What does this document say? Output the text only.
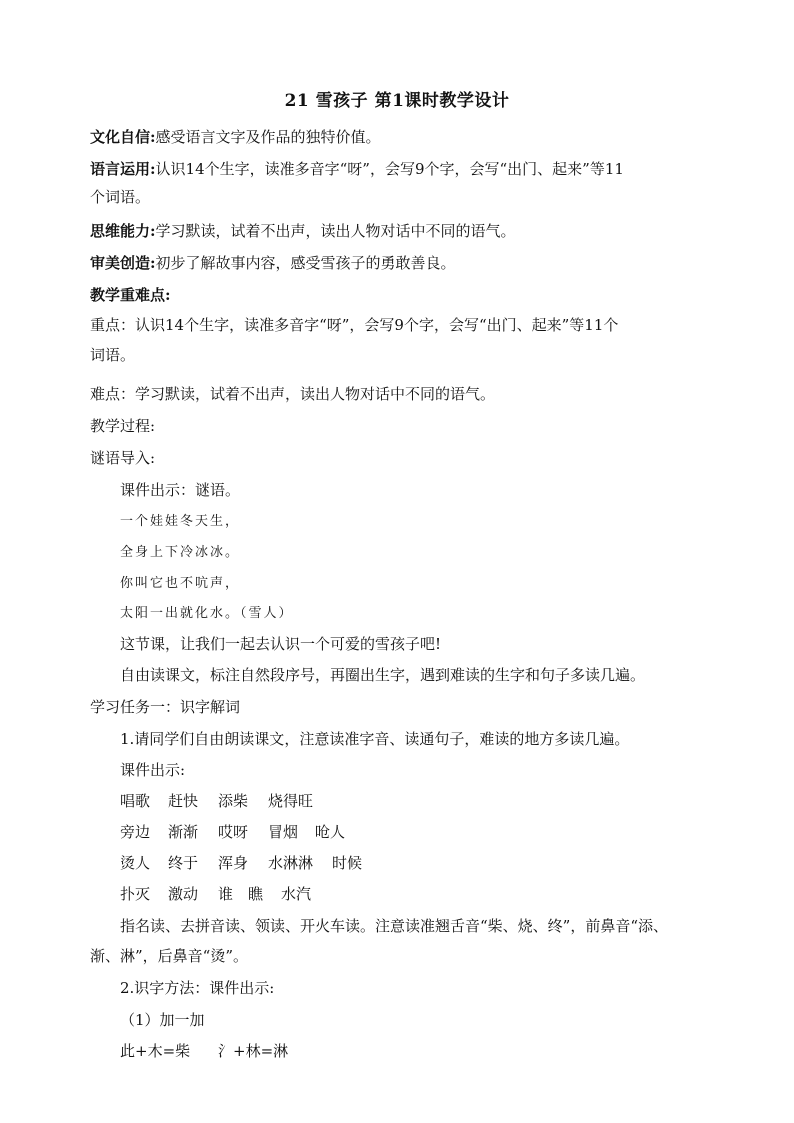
21 雪孩子 第1课时教学设计
文化自信:感受语言文字及作品的独特价值。
语言运用:认识14个生字，读准多音字“呀”，会写9个字，会写“出门、起来”等11
个词语。
思维能力:学习默读，试着不出声，读出人物对话中不同的语气。
审美创造:初步了解故事内容，感受雪孩子的勇敢善良。
教学重难点:
重点：认识14个生字，读准多音字“呀”，会写9个字，会写“出门、起来”等11个
词语。
难点：学习默读，试着不出声，读出人物对话中不同的语气。
教学过程:
谜语导入:
课件出示：谜语。
一个娃娃冬天生，
全身上下冷冰冰。
你叫它也不吭声，
太阳一出就化水。（雪人）
这节课，让我们一起去认识一个可爱的雪孩子吧!
自由读课文，标注自然段序号，再圈出生字，遇到难读的生字和句子多读几遍。
学习任务一：识字解词
1.请同学们自由朗读课文，注意读准字音、读通句子，难读的地方多读几遍。
课件出示:
唱歌 赶快 添柴 烧得旺
旁边 渐渐 哎呀 冒烟 呛人
烫人 终于 浑身 水淋淋 时候
扑灭 激动 谁 瞧 水汽
指名读、去拼音读、领读、开火车读。注意读准翘舌音“柴、烧、终”，前鼻音“添、
渐、淋”，后鼻音“烫”。
2.识字方法：课件出示:
（1）加一加
此+木=柴 氵+林=淋
